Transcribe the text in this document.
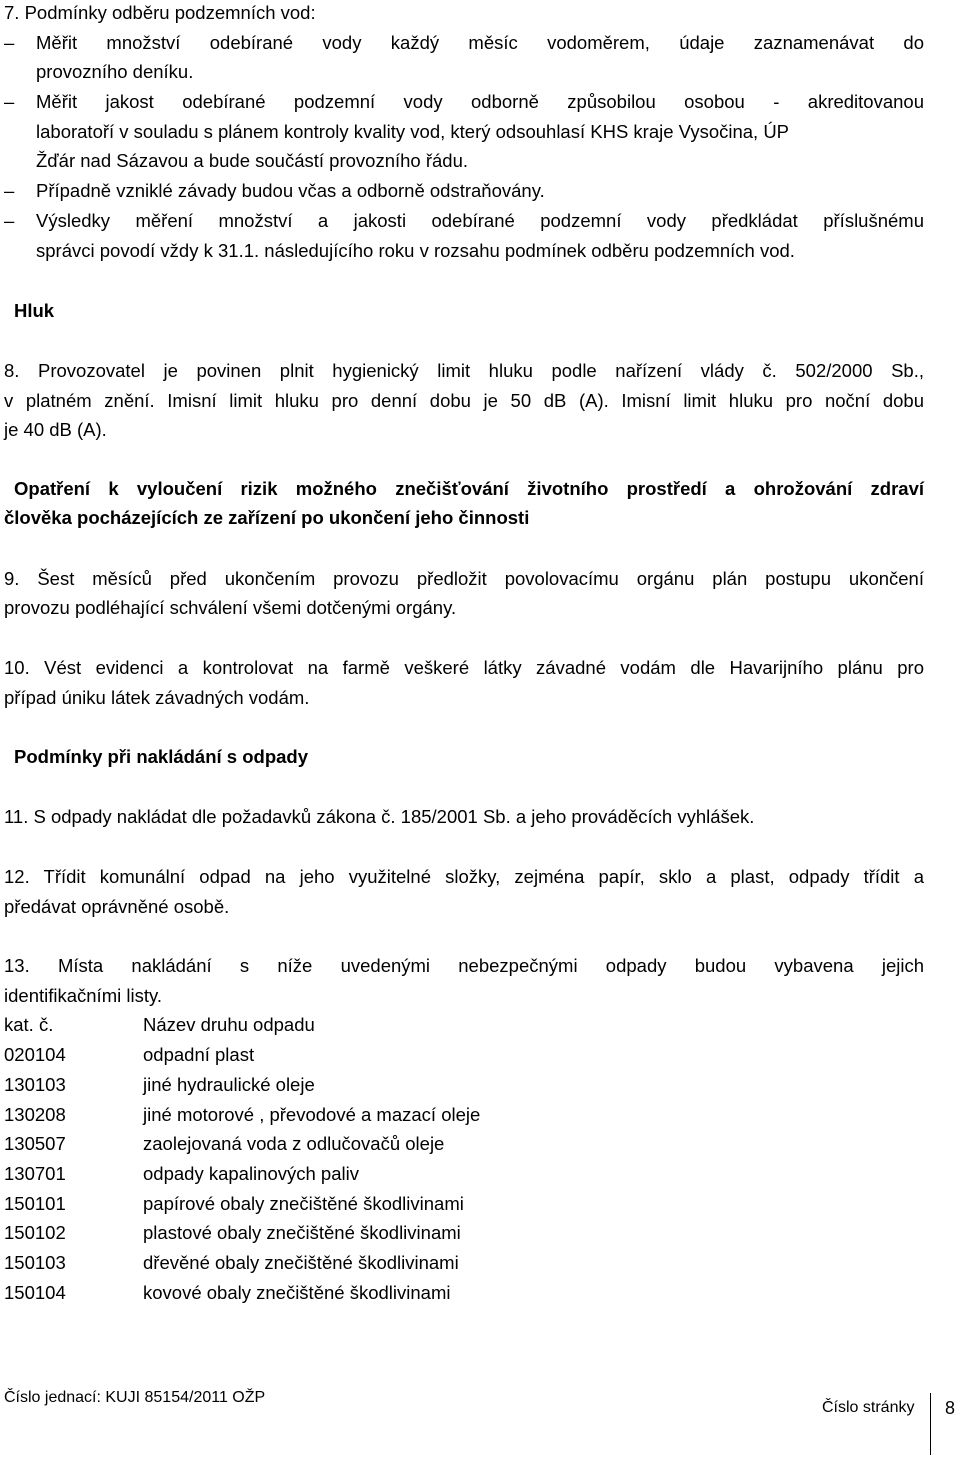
7. Podmínky odběru podzemních vod:
– Měřit množství odebírané vody každý měsíc vodoměrem, údaje zaznamenávat do
provozního deníku.
– Měřit jakost odebírané podzemní vody odborně způsobilou osobou - akreditovanou
laboratoří v souladu s plánem kontroly kvality vod, který odsouhlasí KHS kraje Vysočina, ÚP
Žďár nad Sázavou a bude součástí provozního řádu.
– Případně vzniklé závady budou včas a odborně odstraňovány.
– Výsledky měření množství a jakosti odebírané podzemní vody předkládat příslušnému
správci povodí vždy k 31.1. následujícího roku v rozsahu podmínek odběru podzemních vod.
Hluk
8. Provozovatel je povinen plnit hygienický limit hluku podle nařízení vlády č. 502/2000 Sb.,
v platném znění. Imisní limit hluku pro denní dobu je 50 dB (A). Imisní limit hluku pro noční dobu
je 40 dB (A).
Opatření k vyloučení rizik možného znečišťování životního prostředí a ohrožování zdraví
člověka pocházejících ze zařízení po ukončení jeho činnosti
9. Šest měsíců před ukončením provozu předložit povolovacímu orgánu plán postupu ukončení
provozu podléhající schválení všemi dotčenými orgány.
10. Vést evidenci a kontrolovat na farmě veškeré látky závadné vodám dle Havarijního plánu pro
případ úniku látek závadných vodám.
Podmínky při nakládání s odpady
11. S odpady nakládat dle požadavků zákona č. 185/2001 Sb. a jeho prováděcích vyhlášek.
12. Třídit komunální odpad na jeho využitelné složky, zejména papír, sklo a plast, odpady třídit a
předávat oprávněné osobě.
13. Místa nakládání s níže uvedenými nebezpečnými odpady budou vybavena jejich
identifikačními listy.
kat. č.	Název druhu odpadu
020104	odpadní plast
130103	jiné hydraulické oleje
130208	jiné motorové , převodové a mazací oleje
130507	zaolejovaná voda z odlučovačů oleje
130701	odpady kapalinových paliv
150101	papírové obaly znečištěné škodlivinami
150102	plastové obaly znečištěné škodlivinami
150103	dřevěné obaly znečištěné škodlivinami
150104	kovové obaly znečištěné škodlivinami
Číslo jednací: KUJI 85154/2011 OŽP
Číslo stránky 8
